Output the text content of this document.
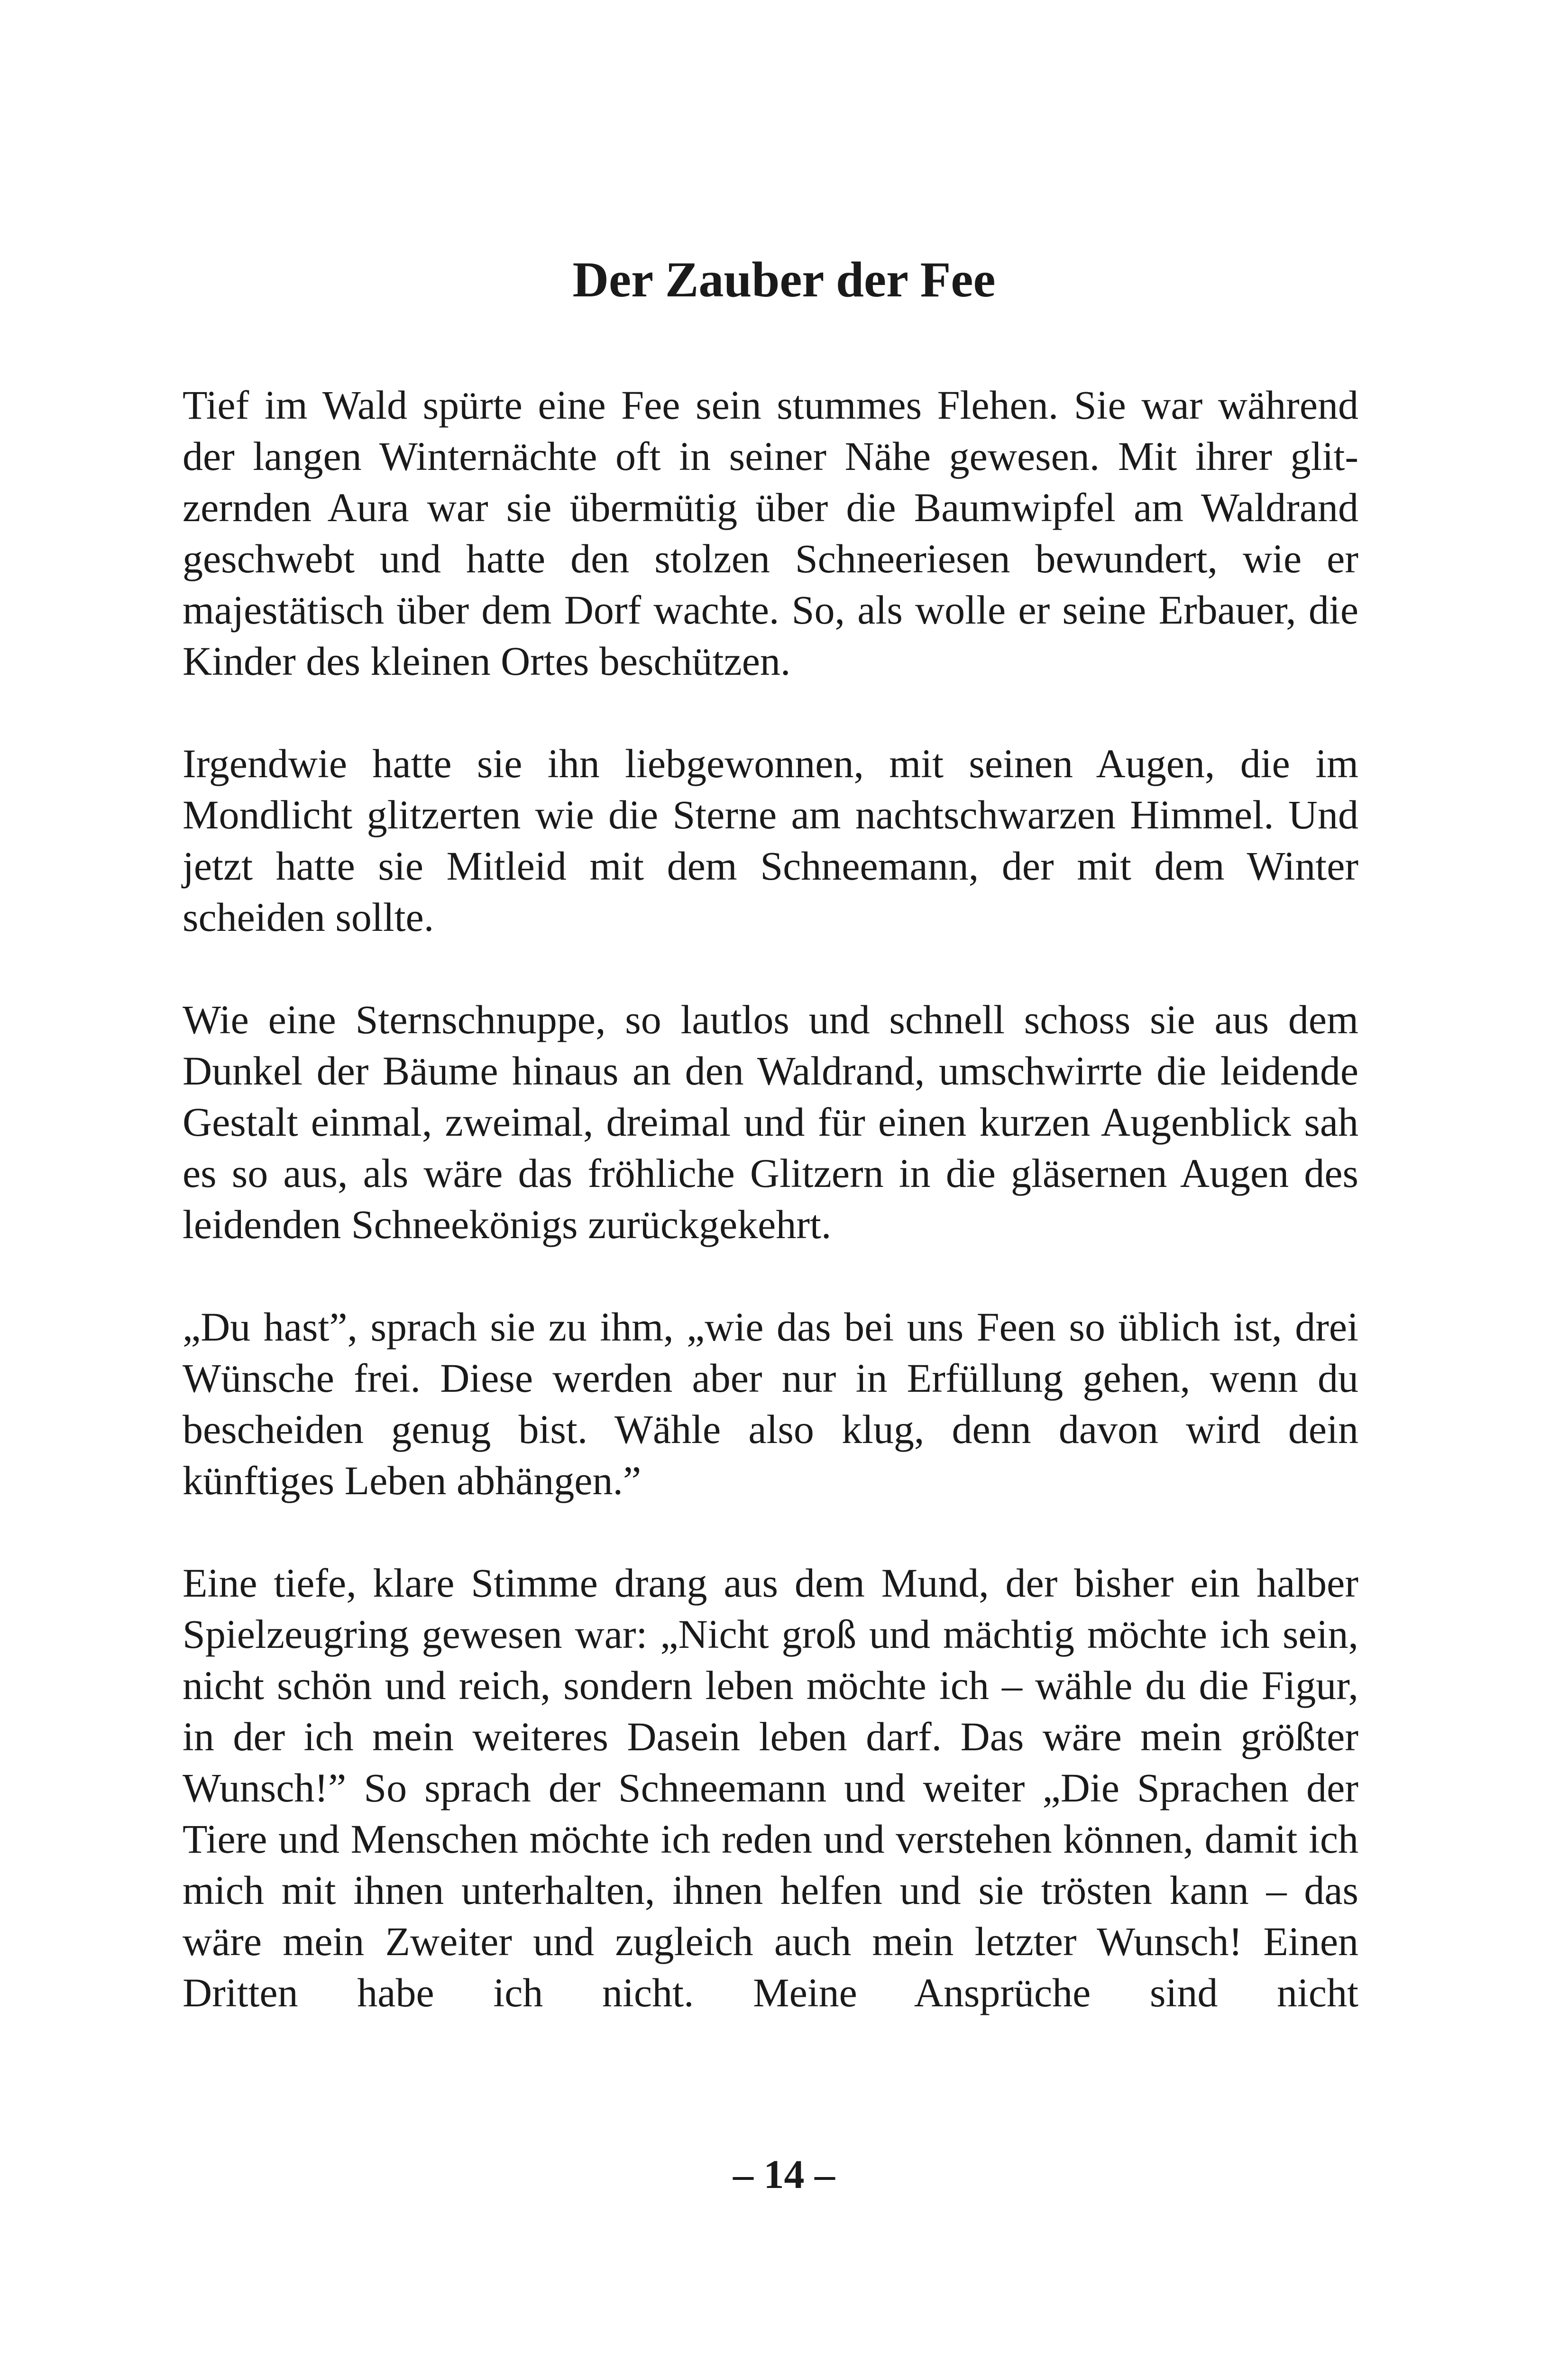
Der Zauber der Fee

Tief im Wald spürte eine Fee sein stummes Flehen. Sie war während der langen Winternächte oft in seiner Nähe gewesen. Mit ihrer glitzernden Aura war sie übermütig über die Baumwipfel am Waldrand geschwebt und hatte den stolzen Schneeriesen bewundert, wie er majestätisch über dem Dorf wachte. So, als wolle er seine Erbauer, die Kinder des kleinen Ortes beschützen.

Irgendwie hatte sie ihn liebgewonnen, mit seinen Augen, die im Mondlicht glitzerten wie die Sterne am nachtschwarzen Himmel. Und jetzt hatte sie Mitleid mit dem Schneemann, der mit dem Winter scheiden sollte.

Wie eine Sternschnuppe, so lautlos und schnell schoss sie aus dem Dunkel der Bäume hinaus an den Waldrand, umschwirrte die leidende Gestalt einmal, zweimal, dreimal und für einen kurzen Augenblick sah es so aus, als wäre das fröhliche Glitzern in die gläsernen Augen des leidenden Schneekönigs zurückgekehrt.

„Du hast”, sprach sie zu ihm, „wie das bei uns Feen so üblich ist, drei Wünsche frei. Diese werden aber nur in Erfüllung gehen, wenn du bescheiden genug bist. Wähle also klug, denn davon wird dein künftiges Leben abhängen.”

Eine tiefe, klare Stimme drang aus dem Mund, der bisher ein halber Spielzeugring gewesen war: „Nicht groß und mächtig möchte ich sein, nicht schön und reich, sondern leben möchte ich – wähle du die Figur, in der ich mein weiteres Dasein leben darf. Das wäre mein größter Wunsch!” So sprach der Schneemann und weiter „Die Sprachen der Tiere und Menschen möchte ich reden und verstehen können, damit ich mich mit ihnen unterhalten, ihnen helfen und sie trösten kann – das wäre mein Zweiter und zugleich auch mein letzter Wunsch! Einen Dritten habe ich nicht. Meine Ansprüche sind nicht

– 14 –
